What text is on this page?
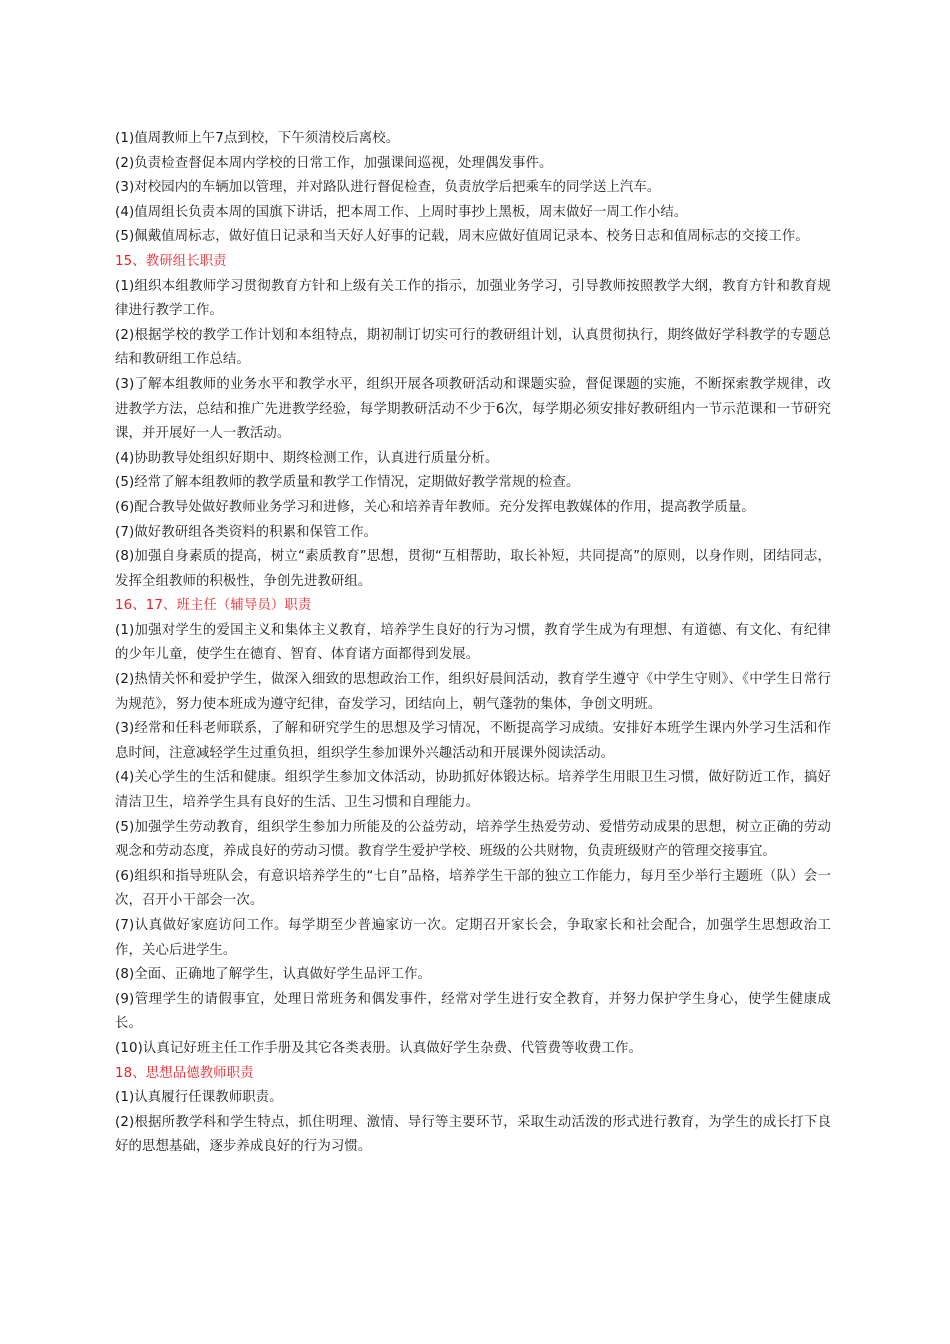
(1)值周教师上午7点到校，下午须清校后离校。

(2)负责检查督促本周内学校的日常工作，加强课间巡视，处理偶发事件。

(3)对校园内的车辆加以管理，并对路队进行督促检查，负责放学后把乘车的同学送上汽车。

(4)值周组长负责本周的国旗下讲话，把本周工作、上周时事抄上黑板，周末做好一周工作小结。

(5)佩戴值周标志，做好值日记录和当天好人好事的记载，周末应做好值周记录本、校务日志和值周标志的交接工作。

15、教研组长职责

(1)组织本组教师学习贯彻教育方针和上级有关工作的指示，加强业务学习，引导教师按照教学大纲，教育方针和教育规律进行教学工作。

(2)根据学校的教学工作计划和本组特点，期初制订切实可行的教研组计划，认真贯彻执行，期终做好学科教学的专题总结和教研组工作总结。

(3)了解本组教师的业务水平和教学水平，组织开展各项教研活动和课题实验，督促课题的实施，不断探索教学规律，改进教学方法，总结和推广先进教学经验，每学期教研活动不少于6次，每学期必须安排好教研组内一节示范课和一节研究课，并开展好一人一教活动。

(4)协助教导处组织好期中、期终检测工作，认真进行质量分析。

(5)经常了解本组教师的教学质量和教学工作情况，定期做好教学常规的检查。

(6)配合教导处做好教师业务学习和进修，关心和培养青年教师。充分发挥电教媒体的作用，提高教学质量。

(7)做好教研组各类资料的积累和保管工作。

(8)加强自身素质的提高，树立“素质教育”思想，贯彻“互相帮助，取长补短，共同提高”的原则，以身作则，团结同志，发挥全组教师的积极性，争创先进教研组。

16、17、班主任（辅导员）职责

(1)加强对学生的爱国主义和集体主义教育，培养学生良好的行为习惯，教育学生成为有理想、有道德、有文化、有纪律的少年儿童，使学生在德育、智育、体育诸方面都得到发展。

(2)热情关怀和爱护学生，做深入细致的思想政治工作，组织好晨间活动，教育学生遵守《中学生守则》、《中学生日常行为规范》，努力使本班成为遵守纪律，奋发学习，团结向上，朝气蓬勃的集体，争创文明班。

(3)经常和任科老师联系，了解和研究学生的思想及学习情况，不断提高学习成绩。安排好本班学生课内外学习生活和作息时间，注意减轻学生过重负担，组织学生参加课外兴趣活动和开展课外阅读活动。

(4)关心学生的生活和健康。组织学生参加文体活动，协助抓好体锻达标。培养学生用眼卫生习惯，做好防近工作，搞好清洁卫生，培养学生具有良好的生活、卫生习惯和自理能力。

(5)加强学生劳动教育，组织学生参加力所能及的公益劳动，培养学生热爱劳动、爱惜劳动成果的思想，树立正确的劳动观念和劳动态度，养成良好的劳动习惯。教育学生爱护学校、班级的公共财物，负责班级财产的管理交接事宜。

(6)组织和指导班队会，有意识培养学生的“七自”品格，培养学生干部的独立工作能力，每月至少举行主题班（队）会一次，召开小干部会一次。

(7)认真做好家庭访问工作。每学期至少普遍家访一次。定期召开家长会，争取家长和社会配合，加强学生思想政治工作，关心后进学生。

(8)全面、正确地了解学生，认真做好学生品评工作。

(9)管理学生的请假事宜，处理日常班务和偶发事件，经常对学生进行安全教育，并努力保护学生身心，使学生健康成长。

(10)认真记好班主任工作手册及其它各类表册。认真做好学生杂费、代管费等收费工作。

18、思想品德教师职责

(1)认真履行任课教师职责。

(2)根据所教学科和学生特点，抓住明理、激情、导行等主要环节，采取生动活泼的形式进行教育，为学生的成长打下良好的思想基础，逐步养成良好的行为习惯。
